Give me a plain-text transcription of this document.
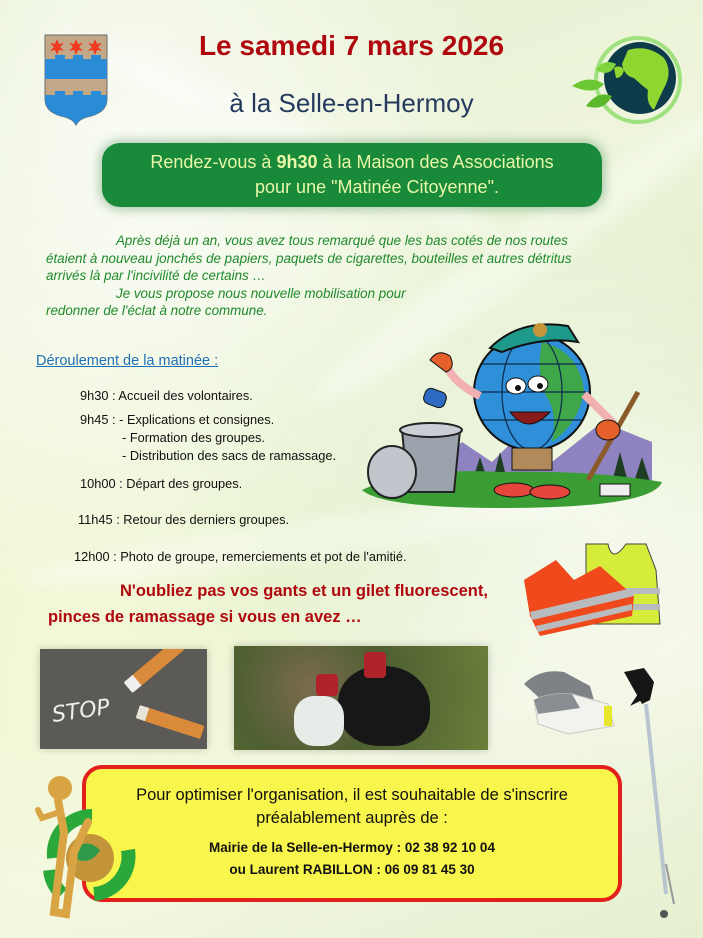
Le samedi 7 mars 2026
à la Selle-en-Hermoy
Rendez-vous à 9h30 à la Maison des Associations
pour une "Matinée Citoyenne".
Après déjà un an, vous avez tous remarqué que les bas cotés de nos routes
étaient à nouveau jonchés de papiers, paquets de cigarettes, bouteilles et autres détritus
arrivés là par l'incivilité de certains …
Je vous propose nous nouvelle mobilisation pour
redonner de l'éclat à notre commune.
Déroulement de la matinée :
9h30 : Accueil des volontaires.
9h45 : - Explications et consignes.
- Formation des groupes.
- Distribution des sacs de ramassage.
10h00 : Départ des groupes.
11h45 : Retour des derniers groupes.
12h00 : Photo de groupe, remerciements et pot de l'amitié.
N'oubliez pas vos gants et un gilet fluorescent,
pinces de ramassage si vous en avez …
STOP
Pour optimiser l'organisation, il est souhaitable de s'inscrire
préalablement auprès de :
Mairie de la Selle-en-Hermoy : 02 38 92 10 04
ou Laurent RABILLON : 06 09 81 45 30
